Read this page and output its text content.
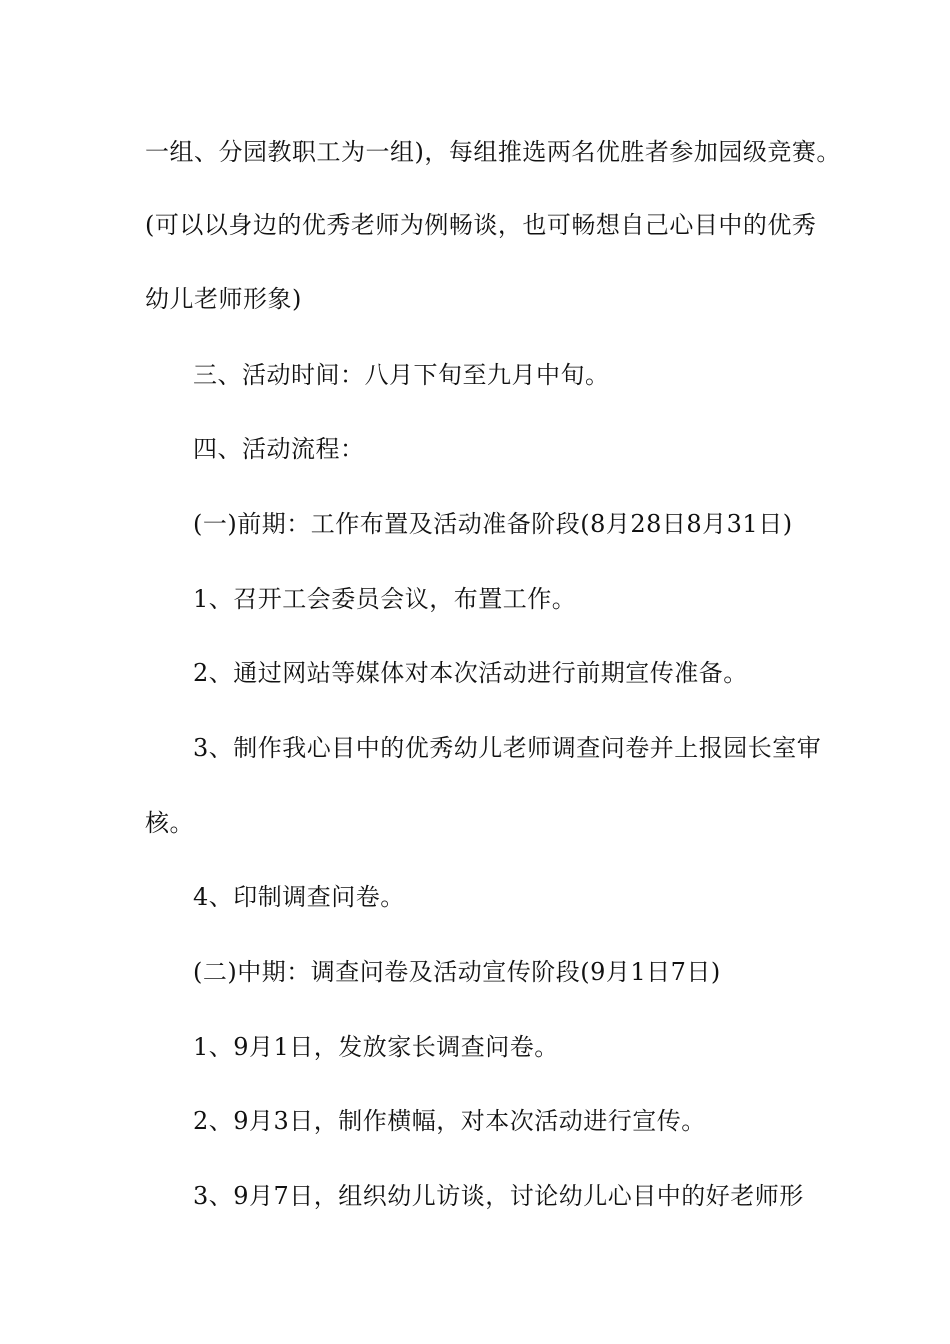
一组、分园教职工为一组)，每组推选两名优胜者参加园级竞赛。
(可以以身边的优秀老师为例畅谈，也可畅想自己心目中的优秀
幼儿老师形象)
三、活动时间：八月下旬至九月中旬。
四、活动流程：
(一)前期：工作布置及活动准备阶段(8月28日8月31日)
1、召开工会委员会议，布置工作。
2、通过网站等媒体对本次活动进行前期宣传准备。
3、制作我心目中的优秀幼儿老师调查问卷并上报园长室审
核。
4、印制调查问卷。
(二)中期：调查问卷及活动宣传阶段(9月1日7日)
1、9月1日，发放家长调查问卷。
2、9月3日，制作横幅，对本次活动进行宣传。
3、9月7日，组织幼儿访谈，讨论幼儿心目中的好老师形
